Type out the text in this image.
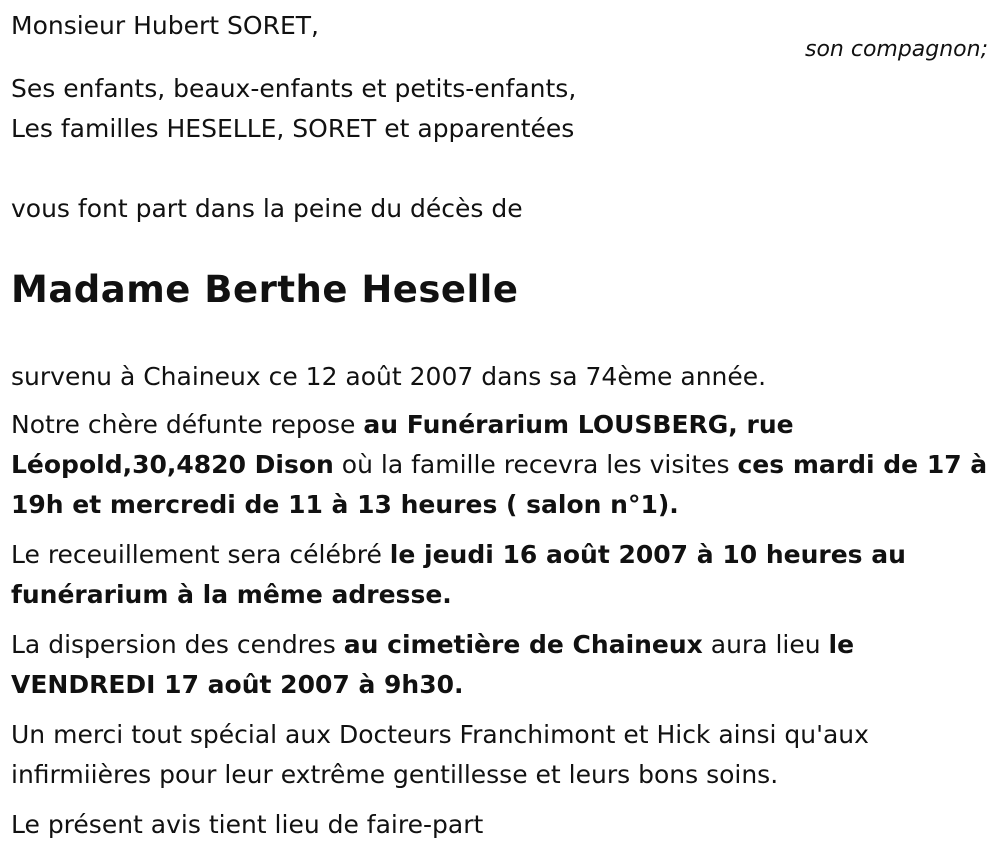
Monsieur Hubert SORET,

son compagnon;

Ses enfants, beaux-enfants et petits-enfants,

Les familles HESELLE, SORET et apparentées

vous font part dans la peine du décès de

Madame Berthe Heselle

survenu à Chaineux ce 12 août 2007 dans sa 74ème année.

Notre chère défunte repose au Funérarium LOUSBERG, rue Léopold,30,4820 Dison où la famille recevra les visites ces mardi de 17 à 19h et mercredi de 11 à 13 heures ( salon n°1).

Le receuillement sera célébré le jeudi 16 août 2007 à 10 heures au funérarium à la même adresse.

La dispersion des cendres au cimetière de Chaineux aura lieu le VENDREDI 17 août 2007 à 9h30.

Un merci tout spécial aux Docteurs Franchimont et Hick ainsi qu'aux infirmiières pour leur extrême gentillesse et leurs bons soins.

Le présent avis tient lieu de faire-part
